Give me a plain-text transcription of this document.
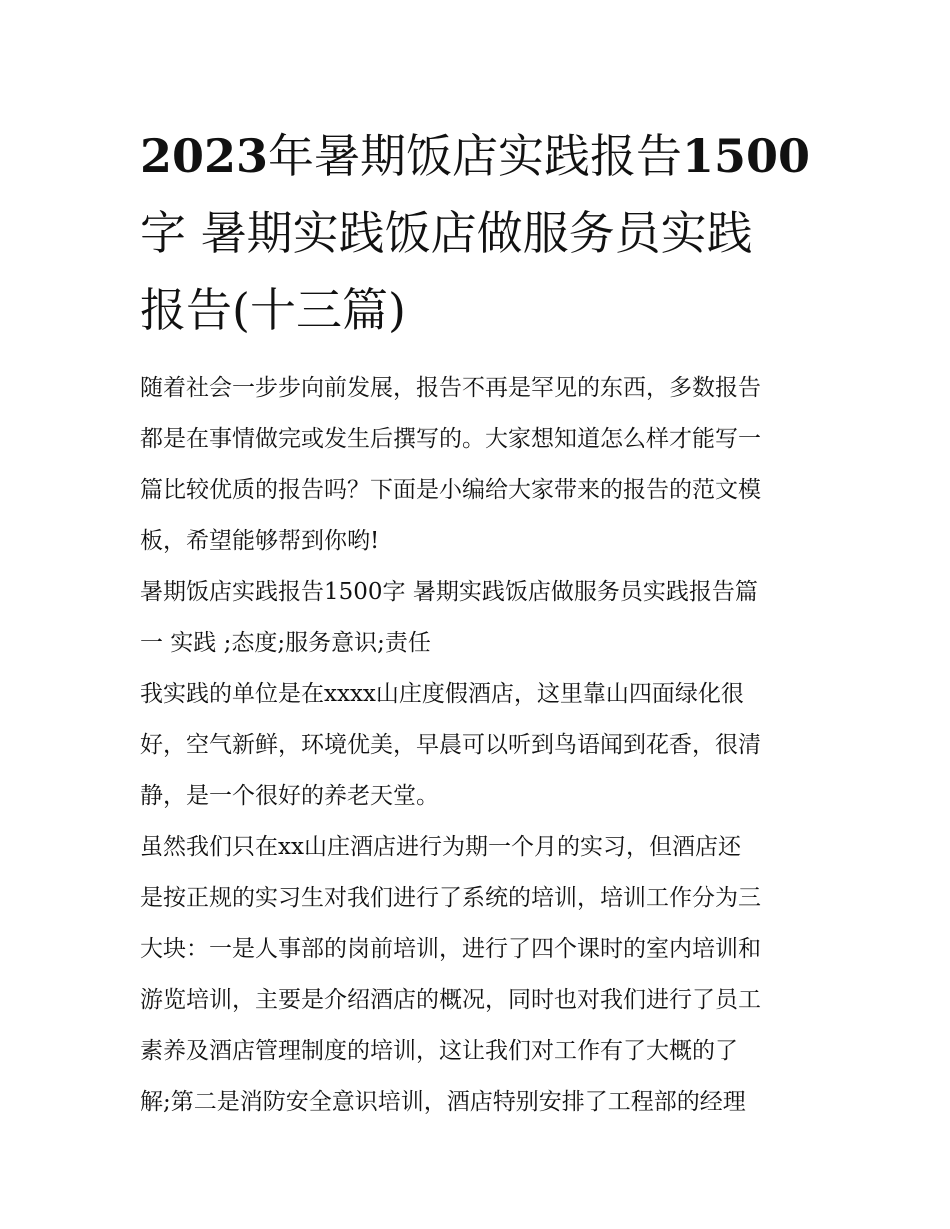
2023年暑期饭店实践报告1500
字 暑期实践饭店做服务员实践
报告(十三篇)
随着社会一步步向前发展，报告不再是罕见的东西，多数报告
都是在事情做完或发生后撰写的。大家想知道怎么样才能写一
篇比较优质的报告吗？下面是小编给大家带来的报告的范文模
板，希望能够帮到你哟!
暑期饭店实践报告1500字 暑期实践饭店做服务员实践报告篇
一 实践 ;态度;服务意识;责任
我实践的单位是在xxxx山庄度假酒店，这里靠山四面绿化很
好，空气新鲜，环境优美，早晨可以听到鸟语闻到花香，很清
静，是一个很好的养老天堂。
虽然我们只在xx山庄酒店进行为期一个月的实习，但酒店还
是按正规的实习生对我们进行了系统的培训，培训工作分为三
大块：一是人事部的岗前培训，进行了四个课时的室内培训和
游览培训，主要是介绍酒店的概况，同时也对我们进行了员工
素养及酒店管理制度的培训，这让我们对工作有了大概的了
解;第二是消防安全意识培训，酒店特别安排了工程部的经理
